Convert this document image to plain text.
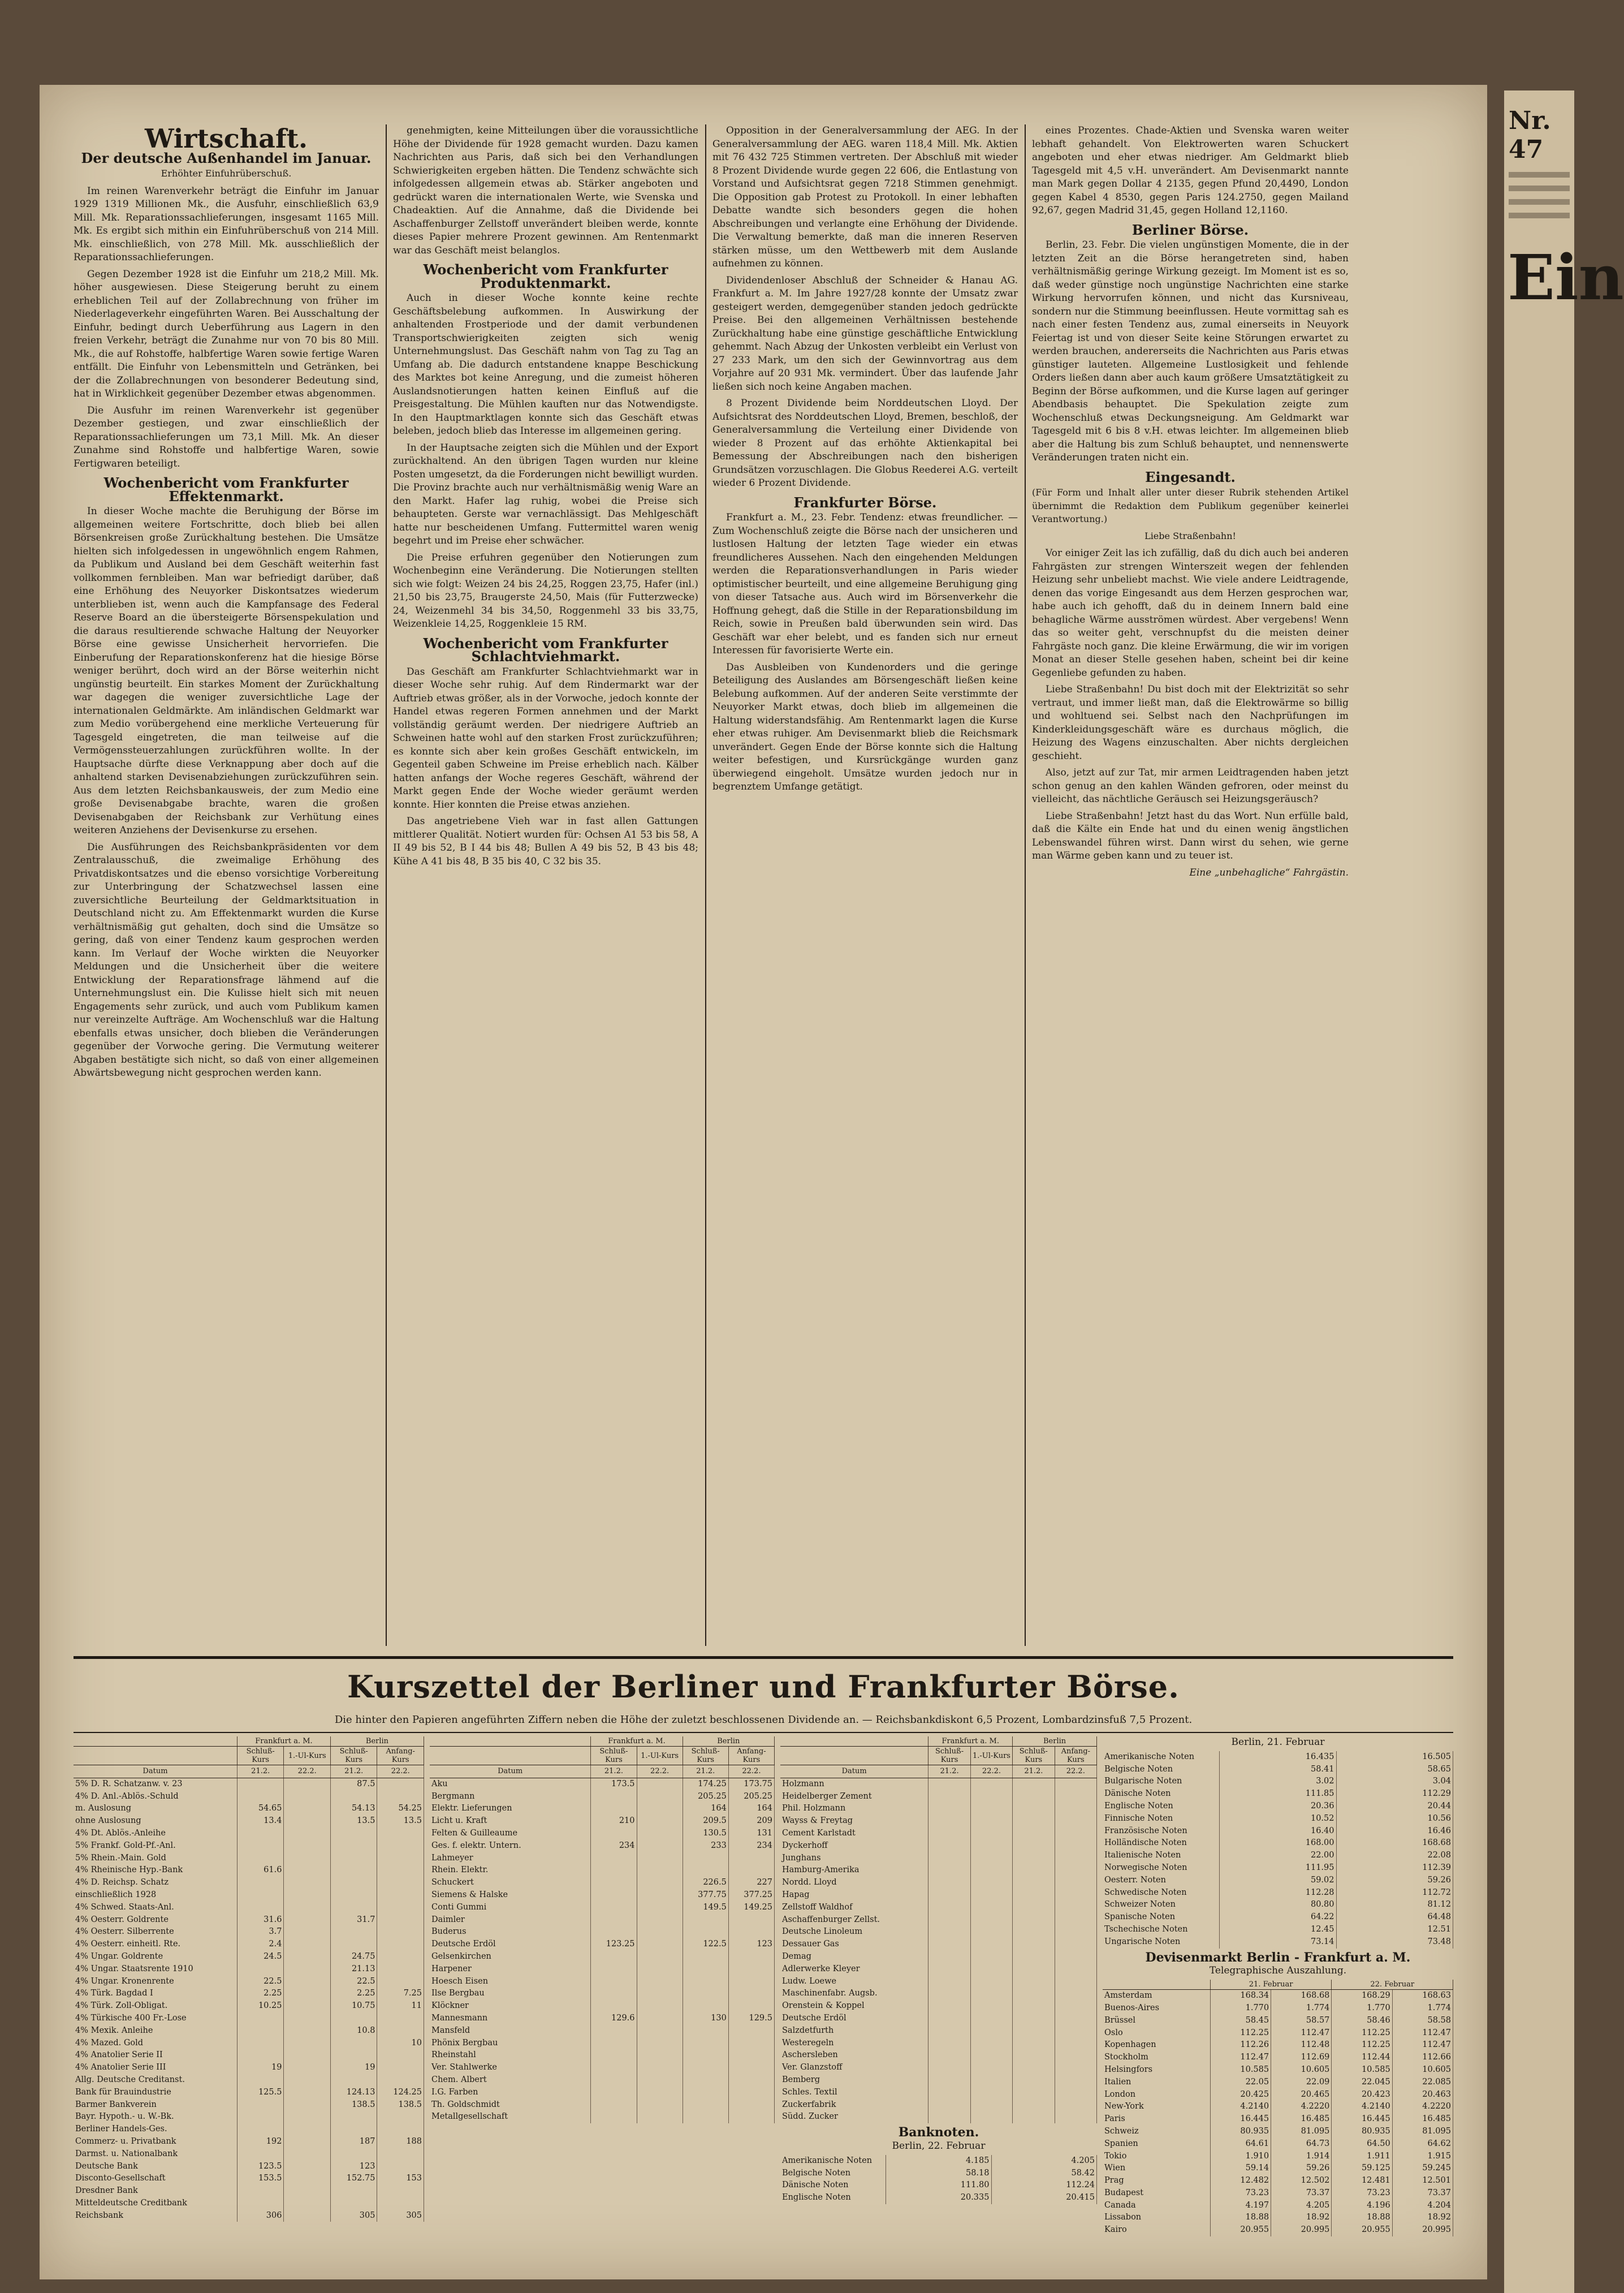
Wirtschaft.
Der deutsche Außenhandel im Januar.
Erhöhter Einfuhrüberschuß.

Im reinen Warenverkehr beträgt die Einfuhr im Januar 1929 1319 Millionen Mk., die Ausfuhr, einschließlich 63,9 Mill. Mk. Reparationssachlieferungen, insgesamt 1165 Mill. Mk. Es ergibt sich mithin ein Einfuhrüberschuß von 214 Mill. Mk. einschließlich, von 278 Mill. Mk. ausschließlich der Reparationssachlieferungen.

Gegen Dezember 1928 ist die Einfuhr um 218,2 Mill. Mk. höher ausgewiesen. Diese Steigerung beruht zu einem erheblichen Teil auf der Zollabrechnung von früher im Niederlageverkehr eingeführten Waren. Bei Ausschaltung der Einfuhr, bedingt durch Ueberführung aus Lagern in den freien Verkehr, beträgt die Zunahme nur von 70 bis 80 Mill. Mk., die auf Rohstoffe, halbfertige Waren sowie fertige Waren entfällt. Die Einfuhr von Lebensmitteln und Getränken, bei der die Zollabrechnungen von besonderer Bedeutung sind, hat in Wirklichkeit gegenüber Dezember etwas abgenommen.

Die Ausfuhr im reinen Warenverkehr ist gegenüber Dezember gestiegen, und zwar einschließlich der Reparationssachlieferungen um 73,1 Mill. Mk. An dieser Zunahme sind Rohstoffe und halbfertige Waren, sowie Fertigwaren beteiligt.

Wochenbericht vom Frankfurter Effektenmarkt.

In dieser Woche machte die Beruhigung der Börse im allgemeinen weitere Fortschritte, doch blieb bei allen Börsenkreisen große Zurückhaltung bestehen. Die Umsätze hielten sich infolgedessen in ungewöhnlich engem Rahmen, da Publikum und Ausland bei dem Geschäft weiterhin fast vollkommen fernbleiben. Man war befriedigt darüber, daß eine Erhöhung des Neuyorker Diskontsatzes wiederum unterblieben ist, wenn auch die Kampfansage des Federal Reserve Board an die übersteigerte Börsenspekulation und die daraus resultierende schwache Haltung der Neuyorker Börse eine gewisse Unsicherheit hervorriefen. Die Einberufung der Reparationskonferenz hat die hiesige Börse weniger berührt, doch wird an der Börse weiterhin nicht ungünstig beurteilt. Ein starkes Moment der Zurückhaltung war dagegen die weniger zuversichtliche Lage der internationalen Geldmärkte. Am inländischen Geldmarkt war zum Medio vorübergehend eine merkliche Verteuerung für Tagesgeld eingetreten, die man teilweise auf die Vermögenssteuerzahlungen zurückführen wollte. In der Hauptsache dürfte diese Verknappung aber doch auf die anhaltend starken Devisenabziehungen zurückzuführen sein. Aus dem letzten Reichsbankausweis, der zum Medio eine große Devisenabgabe brachte, waren die großen Devisenabgaben der Reichsbank zur Verhütung eines weiteren Anziehens der Devisenkurse zu ersehen.

Die Ausführungen des Reichsbankpräsidenten vor dem Zentralausschuß, die zweimalige Erhöhung des Privatdiskontsatzes und die ebenso vorsichtige Vorbereitung zur Unterbringung der Schatzwechsel lassen eine zuversichtliche Beurteilung der Geldmarktsituation in Deutschland nicht zu. Am Effektenmarkt wurden die Kurse verhältnismäßig gut gehalten, doch sind die Umsätze so gering, daß von einer Tendenz kaum gesprochen werden kann. Im Verlauf der Woche wirkten die Neuyorker Meldungen und die Unsicherheit über die weitere Entwicklung der Reparationsfrage lähmend auf die Unternehmungslust ein. Die Kulisse hielt sich mit neuen Engagements sehr zurück, und auch vom Publikum kamen nur vereinzelte Aufträge. Am Wochenschluß war die Haltung ebenfalls etwas unsicher, doch blieben die Veränderungen gegenüber der Vorwoche gering. Die Vermutung weiterer Abgaben bestätigte sich nicht, so daß von einer allgemeinen Abwärtsbewegung nicht gesprochen werden kann.

genehmigten, keine Mitteilungen über die voraussichtliche Höhe der Dividende für 1928 gemacht wurden. Dazu kamen Nachrichten aus Paris, daß sich bei den Verhandlungen Schwierigkeiten ergeben hätten. Die Tendenz schwächte sich infolgedessen allgemein etwas ab. Stärker angeboten und gedrückt waren die internationalen Werte, wie Svenska und Chadeaktien. Auf die Annahme, daß die Dividende bei Aschaffenburger Zellstoff unverändert bleiben werde, konnte dieses Papier mehrere Prozent gewinnen. Am Rentenmarkt war das Geschäft meist belanglos.

Wochenbericht vom Frankfurter Produktenmarkt.

Auch in dieser Woche konnte keine rechte Geschäftsbelebung aufkommen. In Auswirkung der anhaltenden Frostperiode und der damit verbundenen Transportschwierigkeiten zeigten sich wenig Unternehmungslust. Das Geschäft nahm von Tag zu Tag an Umfang ab. Die dadurch entstandene knappe Beschickung des Marktes bot keine Anregung, und die zumeist höheren Auslandsnotierungen hatten keinen Einfluß auf die Preisgestaltung. Die Mühlen kauften nur das Notwendigste. In den Hauptmarktlagen konnte sich das Geschäft etwas beleben, jedoch blieb das Interesse im allgemeinen gering.

In der Hauptsache zeigten sich die Mühlen und der Export zurückhaltend. An den übrigen Tagen wurden nur kleine Posten umgesetzt, da die Forderungen nicht bewilligt wurden. Die Provinz brachte auch nur verhältnismäßig wenig Ware an den Markt. Hafer lag ruhig, wobei die Preise sich behaupteten. Gerste war vernachlässigt. Das Mehlgeschäft hatte nur bescheidenen Umfang. Futtermittel waren wenig begehrt und im Preise eher schwächer.

Die Preise erfuhren gegenüber den Notierungen zum Wochenbeginn eine Veränderung. Die Notierungen stellten sich wie folgt: Weizen 24 bis 24,25, Roggen 23,75, Hafer (inl.) 21,50 bis 23,75, Braugerste 24,50, Mais (für Futterzwecke) 24, Weizenmehl 34 bis 34,50, Roggenmehl 33 bis 33,75, Weizenkleie 14,25, Roggenkleie 15 RM.

Wochenbericht vom Frankfurter Schlachtviehmarkt.

Das Geschäft am Frankfurter Schlachtviehmarkt war in dieser Woche sehr ruhig. Auf dem Rindermarkt war der Auftrieb etwas größer, als in der Vorwoche, jedoch konnte der Handel etwas regeren Formen annehmen und der Markt vollständig geräumt werden. Der niedrigere Auftrieb an Schweinen hatte wohl auf den starken Frost zurückzuführen; es konnte sich aber kein großes Geschäft entwickeln, im Gegenteil gaben Schweine im Preise erheblich nach. Kälber hatten anfangs der Woche regeres Geschäft, während der Markt gegen Ende der Woche wieder geräumt werden konnte. Hier konnten die Preise etwas anziehen.

Das angetriebene Vieh war in fast allen Gattungen mittlerer Qualität. Notiert wurden für: Ochsen A1 53 bis 58, A II 49 bis 52, B I 44 bis 48; Bullen A 49 bis 52, B 43 bis 48; Kühe A 41 bis 48, B 35 bis 40, C 32 bis 35.

Opposition in der Generalversammlung der AEG. In der Generalversammlung der AEG. waren 118,4 Mill. Mk. Aktien mit 76 432 725 Stimmen vertreten. Der Abschluß mit wieder 8 Prozent Dividende wurde gegen 22 606, die Entlastung von Vorstand und Aufsichtsrat gegen 7218 Stimmen genehmigt. Die Opposition gab Protest zu Protokoll. In einer lebhaften Debatte wandte sich besonders gegen die hohen Abschreibungen und verlangte eine Erhöhung der Dividende. Die Verwaltung bemerkte, daß man die inneren Reserven stärken müsse, um den Wettbewerb mit dem Auslande aufnehmen zu können.

Dividendenloser Abschluß der Schneider & Hanau AG. Frankfurt a. M. Im Jahre 1927/28 konnte der Umsatz zwar gesteigert werden, demgegenüber standen jedoch gedrückte Preise. Bei den allgemeinen Verhältnissen bestehende Zurückhaltung habe eine günstige geschäftliche Entwicklung gehemmt. Nach Abzug der Unkosten verbleibt ein Verlust von 27 233 Mark, um den sich der Gewinnvortrag aus dem Vorjahre auf 20 931 Mk. vermindert. Über das laufende Jahr ließen sich noch keine Angaben machen.

8 Prozent Dividende beim Norddeutschen Lloyd. Der Aufsichtsrat des Norddeutschen Lloyd, Bremen, beschloß, der Generalversammlung die Verteilung einer Dividende von wieder 8 Prozent auf das erhöhte Aktienkapital bei Bemessung der Abschreibungen nach den bisherigen Grundsätzen vorzuschlagen. Die Globus Reederei A.G. verteilt wieder 6 Prozent Dividende.

Frankfurter Börse.

Frankfurt a. M., 23. Febr. Tendenz: etwas freundlicher. — Zum Wochenschluß zeigte die Börse nach der unsicheren und lustlosen Haltung der letzten Tage wieder ein etwas freundlicheres Aussehen. Nach den eingehenden Meldungen werden die Reparationsverhandlungen in Paris wieder optimistischer beurteilt, und eine allgemeine Beruhigung ging von dieser Tatsache aus. Auch wird im Börsenverkehr die Hoffnung gehegt, daß die Stille in der Reparationsbildung im Reich, sowie in Preußen bald überwunden sein wird. Das Geschäft war eher belebt, und es fanden sich nur erneut Interessen für favorisierte Werte ein.

Das Ausbleiben von Kundenorders und die geringe Beteiligung des Auslandes am Börsengeschäft ließen keine Belebung aufkommen. Auf der anderen Seite verstimmte der Neuyorker Markt etwas, doch blieb im allgemeinen die Haltung widerstandsfähig. Am Rentenmarkt lagen die Kurse eher etwas ruhiger. Am Devisenmarkt blieb die Reichsmark unverändert. Gegen Ende der Börse konnte sich die Haltung weiter befestigen, und Kursrückgänge wurden ganz überwiegend eingeholt. Umsätze wurden jedoch nur in begrenztem Umfange getätigt.

eines Prozentes. Chade-Aktien und Svenska waren weiter lebhaft gehandelt. Von Elektrowerten waren Schuckert angeboten und eher etwas niedriger. Am Geldmarkt blieb Tagesgeld mit 4,5 v.H. unverändert. Am Devisenmarkt nannte man Mark gegen Dollar 4 2135, gegen Pfund 20,4490, London gegen Kabel 4 8530, gegen Paris 124.2750, gegen Mailand 92,67, gegen Madrid 31,45, gegen Holland 12,1160.

Berliner Börse.

Berlin, 23. Febr. Die vielen ungünstigen Momente, die in der letzten Zeit an die Börse herangetreten sind, haben verhältnismäßig geringe Wirkung gezeigt. Im Moment ist es so, daß weder günstige noch ungünstige Nachrichten eine starke Wirkung hervorrufen können, und nicht das Kursniveau, sondern nur die Stimmung beeinflussen. Heute vormittag sah es nach einer festen Tendenz aus, zumal einerseits in Neuyork Feiertag ist und von dieser Seite keine Störungen erwartet zu werden brauchen, andererseits die Nachrichten aus Paris etwas günstiger lauteten. Allgemeine Lustlosigkeit und fehlende Orders ließen dann aber auch kaum größere Umsatztätigkeit zu Beginn der Börse aufkommen, und die Kurse lagen auf geringer Abendbasis behauptet. Die Spekulation zeigte zum Wochenschluß etwas Deckungsneigung. Am Geldmarkt war Tagesgeld mit 6 bis 8 v.H. etwas leichter. Im allgemeinen blieb aber die Haltung bis zum Schluß behauptet, und nennenswerte Veränderungen traten nicht ein.

Eingesandt.

(Für Form und Inhalt aller unter dieser Rubrik stehenden Artikel übernimmt die Redaktion dem Publikum gegenüber keinerlei Verantwortung.)

Liebe Straßenbahn!

Vor einiger Zeit las ich zufällig, daß du dich auch bei anderen Fahrgästen zur strengen Winterszeit wegen der fehlenden Heizung sehr unbeliebt machst. Wie viele andere Leidtragende, denen das vorige Eingesandt aus dem Herzen gesprochen war, habe auch ich gehofft, daß du in deinem Innern bald eine behagliche Wärme ausströmen würdest. Aber vergebens! Wenn das so weiter geht, verschnupfst du die meisten deiner Fahrgäste noch ganz. Die kleine Erwärmung, die wir im vorigen Monat an dieser Stelle gesehen haben, scheint bei dir keine Gegenliebe gefunden zu haben.

Liebe Straßenbahn! Du bist doch mit der Elektrizität so sehr vertraut, und immer ließt man, daß die Elektrowärme so billig und wohltuend sei. Selbst nach den Nachprüfungen im Kinderkleidungsgeschäft wäre es durchaus möglich, die Heizung des Wagens einzuschalten. Aber nichts dergleichen geschieht.

Also, jetzt auf zur Tat, mir armen Leidtragenden haben jetzt schon genug an den kahlen Wänden gefroren, oder meinst du vielleicht, das nächtliche Geräusch sei Heizungsgeräusch?

Liebe Straßenbahn! Jetzt hast du das Wort. Nun erfülle bald, daß die Kälte ein Ende hat und du einen wenig ängstlichen Lebenswandel führen wirst. Dann wirst du sehen, wie gerne man Wärme geben kann und zu teuer ist.

Eine „unbehagliche“ Fahrgästin.
Kurszettel der Berliner und Frankfurter Börse.
Die hinter den Papieren angeführten Ziffern neben die Höhe der zuletzt beschlossenen Dividende an. — Reichsbankdiskont 6,5 Prozent, Lombardzinsfuß 7,5 Prozent.
	Frankfurt a. M.		Berlin	
	Schluß-Kurs	1.-Ul-Kurs	Schluß-Kurs	Anfang-Kurs
Datum	21.2.	22.2.	21.2.	22.2.
5% D. R. Schatzanw. v. 23			87.5	
4% D. Anl.-Ablös.-Schuld				
m. Auslosung	54.65		54.13	54.25
ohne Auslosung	13.4		13.5	13.5
4% Dt. Ablös.-Anleihe				
5% Frankf. Gold-Pf.-Anl.				
5% Rhein.-Main. Gold				
4% Rheinische Hyp.-Bank	61.6			
4% D. Reichsp. Schatz				
einschließlich 1928				
4% Schwed. Staats-Anl.				
4% Oesterr. Goldrente	31.6		31.7	
4% Oesterr. Silberrente	3.7			
4% Oesterr. einheitl. Rte.	2.4			
4% Ungar. Goldrente	24.5		24.75	
4% Ungar. Staatsrente 1910			21.13	
4% Ungar. Kronenrente	22.5		22.5	
4% Türk. Bagdad I	2.25		2.25	7.25
4% Türk. Zoll-Obligat.	10.25		10.75	11
4% Türkische 400 Fr.-Lose				
4% Mexik. Anleihe			10.8	
4% Mazed. Gold				10
4% Anatolier Serie II				
4% Anatolier Serie III	19		19	
Allg. Deutsche Creditanst.				
Bank für Brauindustrie	125.5		124.13	124.25
Barmer Bankverein			138.5	138.5
Bayr. Hypoth.- u. W.-Bk.				
Berliner Handels-Ges.				
Commerz- u. Privatbank	192		187	188
Darmst. u. Nationalbank				
Deutsche Bank	123.5		123	
Disconto-Gesellschaft	153.5		152.75	153
Dresdner Bank				
Mitteldeutsche Creditbank				
Reichsbank	306		305	305
	Frankfurt a. M.		Berlin	
	Schluß-Kurs	1.-Ul-Kurs	Schluß-Kurs	Anfang-Kurs
Datum	21.2.	22.2.	21.2.	22.2.
Aku	173.5		174.25	173.75
Bergmann			205.25	205.25
Elektr. Lieferungen			164	164
Licht u. Kraft	210		209.5	209
Felten & Guilleaume			130.5	131
Ges. f. elektr. Untern.	234		233	234
Lahmeyer				
Rhein. Elektr.				
Schuckert			226.5	227
Siemens & Halske			377.75	377.25
Conti Gummi			149.5	149.25
Daimler				
Buderus				
Deutsche Erdöl	123.25		122.5	123
Gelsenkirchen				
Harpener				
Hoesch Eisen				
Ilse Bergbau				
Klöckner				
Mannesmann	129.6		130	129.5
Mansfeld				
Phönix Bergbau				
Rheinstahl				
Ver. Stahlwerke				
Chem. Albert				
I.G. Farben				
Th. Goldschmidt				
Metallgesellschaft				
	Frankfurt a. M.		Berlin	
	Schluß-Kurs	1.-Ul-Kurs	Schluß-Kurs	Anfang-Kurs
Datum	21.2.	22.2.	21.2.	22.2.
Holzmann				
Heidelberger Zement				
Phil. Holzmann				
Wayss & Freytag				
Cement Karlstadt				
Dyckerhoff				
Junghans				
Hamburg-Amerika				
Nordd. Lloyd				
Hapag				
Zellstoff Waldhof				
Aschaffenburger Zellst.				
Deutsche Linoleum				
Dessauer Gas				
Demag				
Adlerwerke Kleyer				
Ludw. Loewe				
Maschinenfabr. Augsb.				
Orenstein & Koppel				
Deutsche Erdöl				
Salzdetfurth				
Westeregeln				
Aschersleben				
Ver. Glanzstoff				
Bemberg				
Schles. Textil				
Zuckerfabrik				
Südd. Zucker				
Banknoten.
Berlin, 22. Februar
Amerikanische Noten	4.185	4.205
Belgische Noten	58.18	58.42
Dänische Noten	111.80	112.24
Englische Noten	20.335	20.415
Berlin, 21. Februar
Amerikanische Noten	16.435	16.505
Belgische Noten	58.41	58.65
Bulgarische Noten	3.02	3.04
Dänische Noten	111.85	112.29
Englische Noten	20.36	20.44
Finnische Noten	10.52	10.56
Französische Noten	16.40	16.46
Holländische Noten	168.00	168.68
Italienische Noten	22.00	22.08
Norwegische Noten	111.95	112.39
Oesterr. Noten	59.02	59.26
Schwedische Noten	112.28	112.72
Schweizer Noten	80.80	81.12
Spanische Noten	64.22	64.48
Tschechische Noten	12.45	12.51
Ungarische Noten	73.14	73.48
Devisenmarkt Berlin - Frankfurt a. M.
Telegraphische Auszahlung.
	21. Februar		22. Februar	
Amsterdam	168.34	168.68	168.29	168.63
Buenos-Aires	1.770	1.774	1.770	1.774
Brüssel	58.45	58.57	58.46	58.58
Oslo	112.25	112.47	112.25	112.47
Kopenhagen	112.26	112.48	112.25	112.47
Stockholm	112.47	112.69	112.44	112.66
Helsingfors	10.585	10.605	10.585	10.605
Italien	22.05	22.09	22.045	22.085
London	20.425	20.465	20.423	20.463
New-York	4.2140	4.2220	4.2140	4.2220
Paris	16.445	16.485	16.445	16.485
Schweiz	80.935	81.095	80.935	81.095
Spanien	64.61	64.73	64.50	64.62
Tokio	1.910	1.914	1.911	1.915
Wien	59.14	59.26	59.125	59.245
Prag	12.482	12.502	12.481	12.501
Budapest	73.23	73.37	73.23	73.37
Canada	4.197	4.205	4.196	4.204
Lissabon	18.88	18.92	18.88	18.92
Kairo	20.955	20.995	20.955	20.995
Nr. 47
Ein
